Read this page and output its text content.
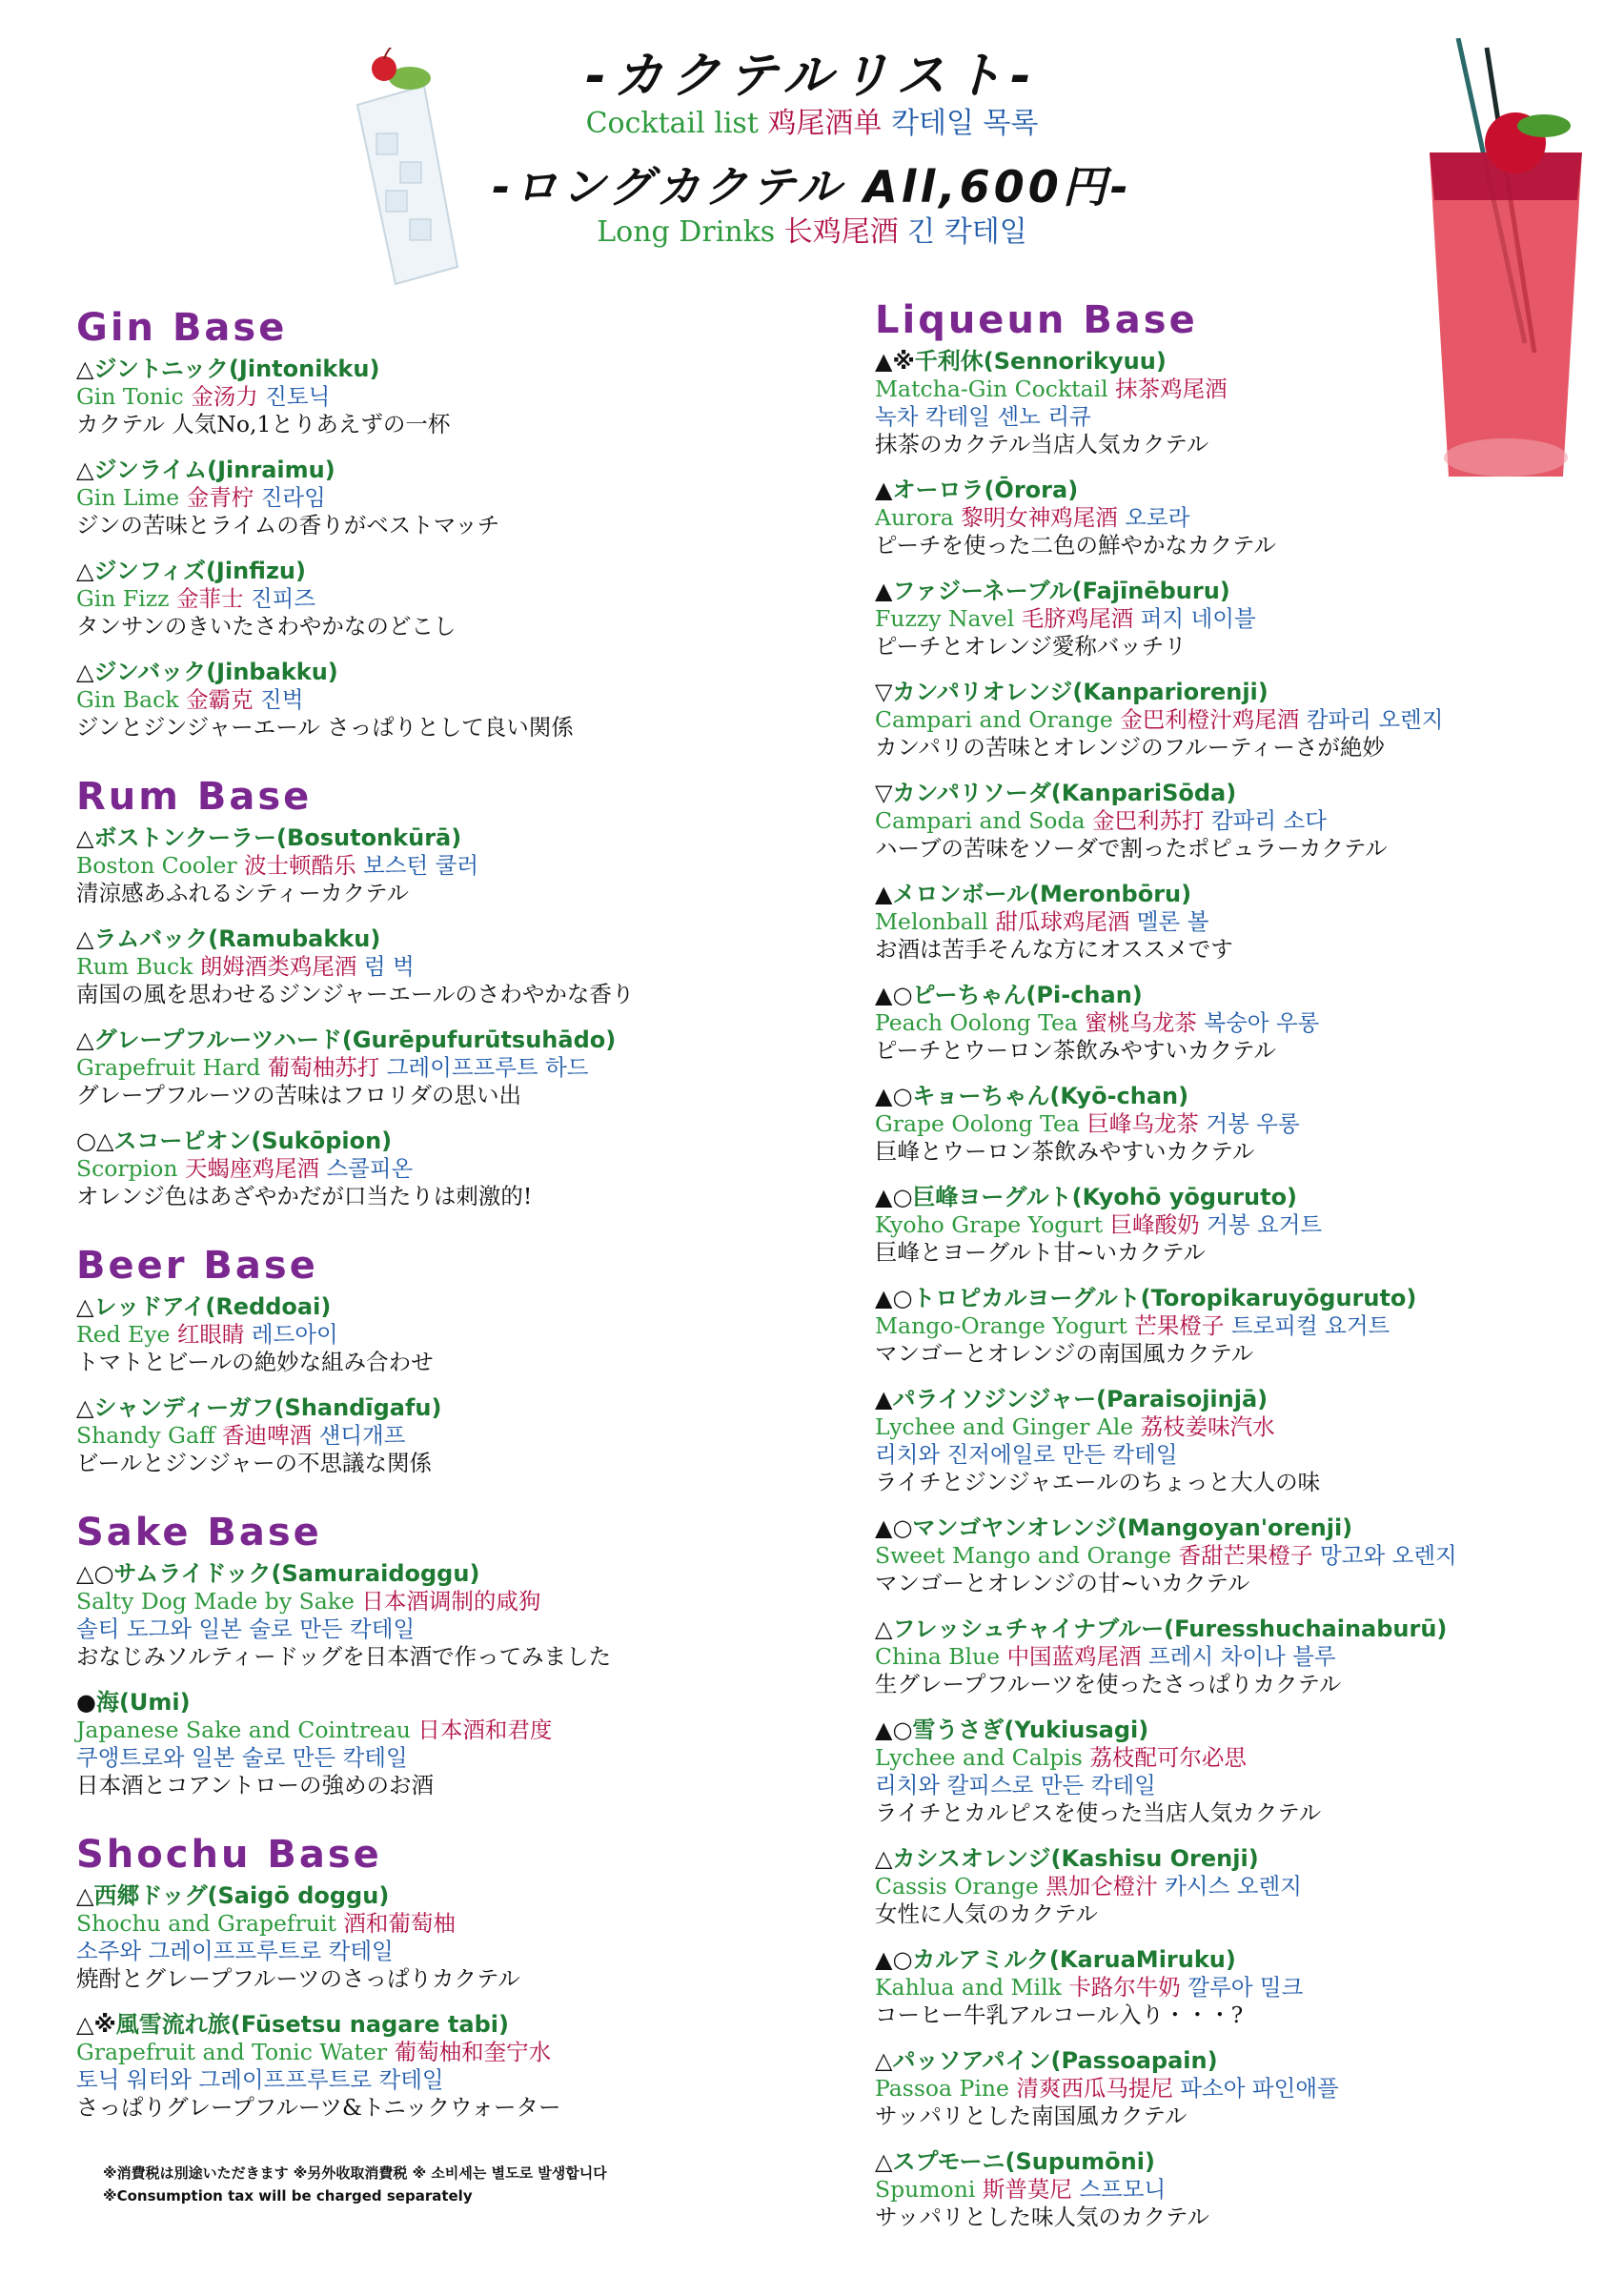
-カクテルリスト-
Cocktail list 鸡尾酒单 칵테일 목록
-ロングカクテル All,600円-
Long Drinks 长鸡尾酒 긴 칵테일
Gin Base
△ジントニック(Jintonikku)
Gin Tonic 金汤力 진토닉
カクテル 人気No,1とりあえずの一杯
△ジンライム(Jinraimu)
Gin Lime 金青柠 진라임
ジンの苦味とライムの香りがベストマッチ
△ジンフィズ(Jinfizu)
Gin Fizz 金菲士 진피즈
タンサンのきいたさわやかなのどこし
△ジンバック(Jinbakku)
Gin Back 金霸克 진벅
ジンとジンジャーエール さっぱりとして良い関係
Rum Base
△ボストンクーラー(Bosutonkūrā)
Boston Cooler 波士顿酷乐 보스턴 쿨러
清涼感あふれるシティーカクテル
△ラムバック(Ramubakku)
Rum Buck 朗姆酒类鸡尾酒 럼 벅
南国の風を思わせるジンジャーエールのさわやかな香り
△グレープフルーツハード(Gurēpufurūtsuhādo)
Grapefruit Hard 葡萄柚苏打 그레이프프루트 하드
グレープフルーツの苦味はフロリダの思い出
○△スコーピオン(Sukōpion)
Scorpion 天蝎座鸡尾酒 스콜피온
オレンジ色はあざやかだが口当たりは刺激的!
Beer Base
△レッドアイ(Reddoai)
Red Eye 红眼睛 레드아이
トマトとビールの絶妙な組み合わせ
△シャンディーガフ(Shandīgafu)
Shandy Gaff 香迪啤酒 섄디개프
ビールとジンジャーの不思議な関係
Sake Base
△○サムライドック(Samuraidoggu)
Salty Dog Made by Sake 日本酒调制的咸狗
솔티 도그와 일본 술로 만든 칵테일
おなじみソルティードッグを日本酒で作ってみました
●海(Umi)
Japanese Sake and Cointreau 日本酒和君度
쿠앵트로와 일본 술로 만든 칵테일
日本酒とコアントローの強めのお酒
Shochu Base
△西郷ドッグ(Saigō doggu)
Shochu and Grapefruit 酒和葡萄柚
소주와 그레이프프루트로 칵테일
焼酎とグレープフルーツのさっぱりカクテル
△※風雪流れ旅(Fūsetsu nagare tabi)
Grapefruit and Tonic Water 葡萄柚和奎宁水
토닉 워터와 그레이프프루트로 칵테일
さっぱりグレープフルーツ&トニックウォーター
Liqueun Base
▲※千利休(Sennorikyuu)
Matcha-Gin Cocktail 抹茶鸡尾酒
녹차 칵테일 센노 리큐
抹茶のカクテル当店人気カクテル
▲オーロラ(Ōrora)
Aurora 黎明女神鸡尾酒 오로라
ピーチを使った二色の鮮やかなカクテル
▲ファジーネーブル(Fajīnēburu)
Fuzzy Navel 毛脐鸡尾酒 퍼지 네이블
ピーチとオレンジ愛称バッチリ
▽カンパリオレンジ(Kanpariorenji)
Campari and Orange 金巴利橙汁鸡尾酒 캄파리 오렌지
カンパリの苦味とオレンジのフルーティーさが絶妙
▽カンパリソーダ(KanpariSōda)
Campari and Soda 金巴利苏打 캄파리 소다
ハーブの苦味をソーダで割ったポピュラーカクテル
▲メロンボール(Meronbōru)
Melonball 甜瓜球鸡尾酒 멜론 볼
お酒は苦手そんな方にオススメです
▲○ピーちゃん(Pi-chan)
Peach Oolong Tea 蜜桃乌龙茶 복숭아 우롱
ピーチとウーロン茶飲みやすいカクテル
▲○キョーちゃん(Kyō-chan)
Grape Oolong Tea 巨峰乌龙茶 거봉 우롱
巨峰とウーロン茶飲みやすいカクテル
▲○巨峰ヨーグルト(Kyohō yōguruto)
Kyoho Grape Yogurt 巨峰酸奶 거봉 요거트
巨峰とヨーグルト甘~いカクテル
▲○トロピカルヨーグルト(Toropikaruyōguruto)
Mango-Orange Yogurt 芒果橙子 트로피컬 요거트
マンゴーとオレンジの南国風カクテル
▲パライソジンジャー(Paraisojinjā)
Lychee and Ginger Ale 荔枝姜味汽水
리치와 진저에일로 만든 칵테일
ライチとジンジャエールのちょっと大人の味
▲○マンゴヤンオレンジ(Mangoyan'orenji)
Sweet Mango and Orange 香甜芒果橙子 망고와 오렌지
マンゴーとオレンジの甘~いカクテル
△フレッシュチャイナブルー(Furesshuchainaburū)
China Blue 中国蓝鸡尾酒 프레시 차이나 블루
生グレープフルーツを使ったさっぱりカクテル
▲○雪うさぎ(Yukiusagi)
Lychee and Calpis 荔枝配可尔必思
리치와 칼피스로 만든 칵테일
ライチとカルピスを使った当店人気カクテル
△カシスオレンジ(Kashisu Orenji)
Cassis Orange 黑加仑橙汁 카시스 오렌지
女性に人気のカクテル
▲○カルアミルク(KaruaMiruku)
Kahlua and Milk 卡路尔牛奶 깔루아 밀크
コーヒー牛乳アルコール入り・・・?
△パッソアパイン(Passoapain)
Passoa Pine 清爽西瓜马提尼 파소아 파인애플
サッパリとした南国風カクテル
△スプモーニ(Supumōni)
Spumoni 斯普莫尼 스프모니
サッパリとした味人気のカクテル
※消費税は別途いただきます ※另外收取消費税 ※ 소비세는 별도로 발생합니다
※Consumption tax will be charged separately
